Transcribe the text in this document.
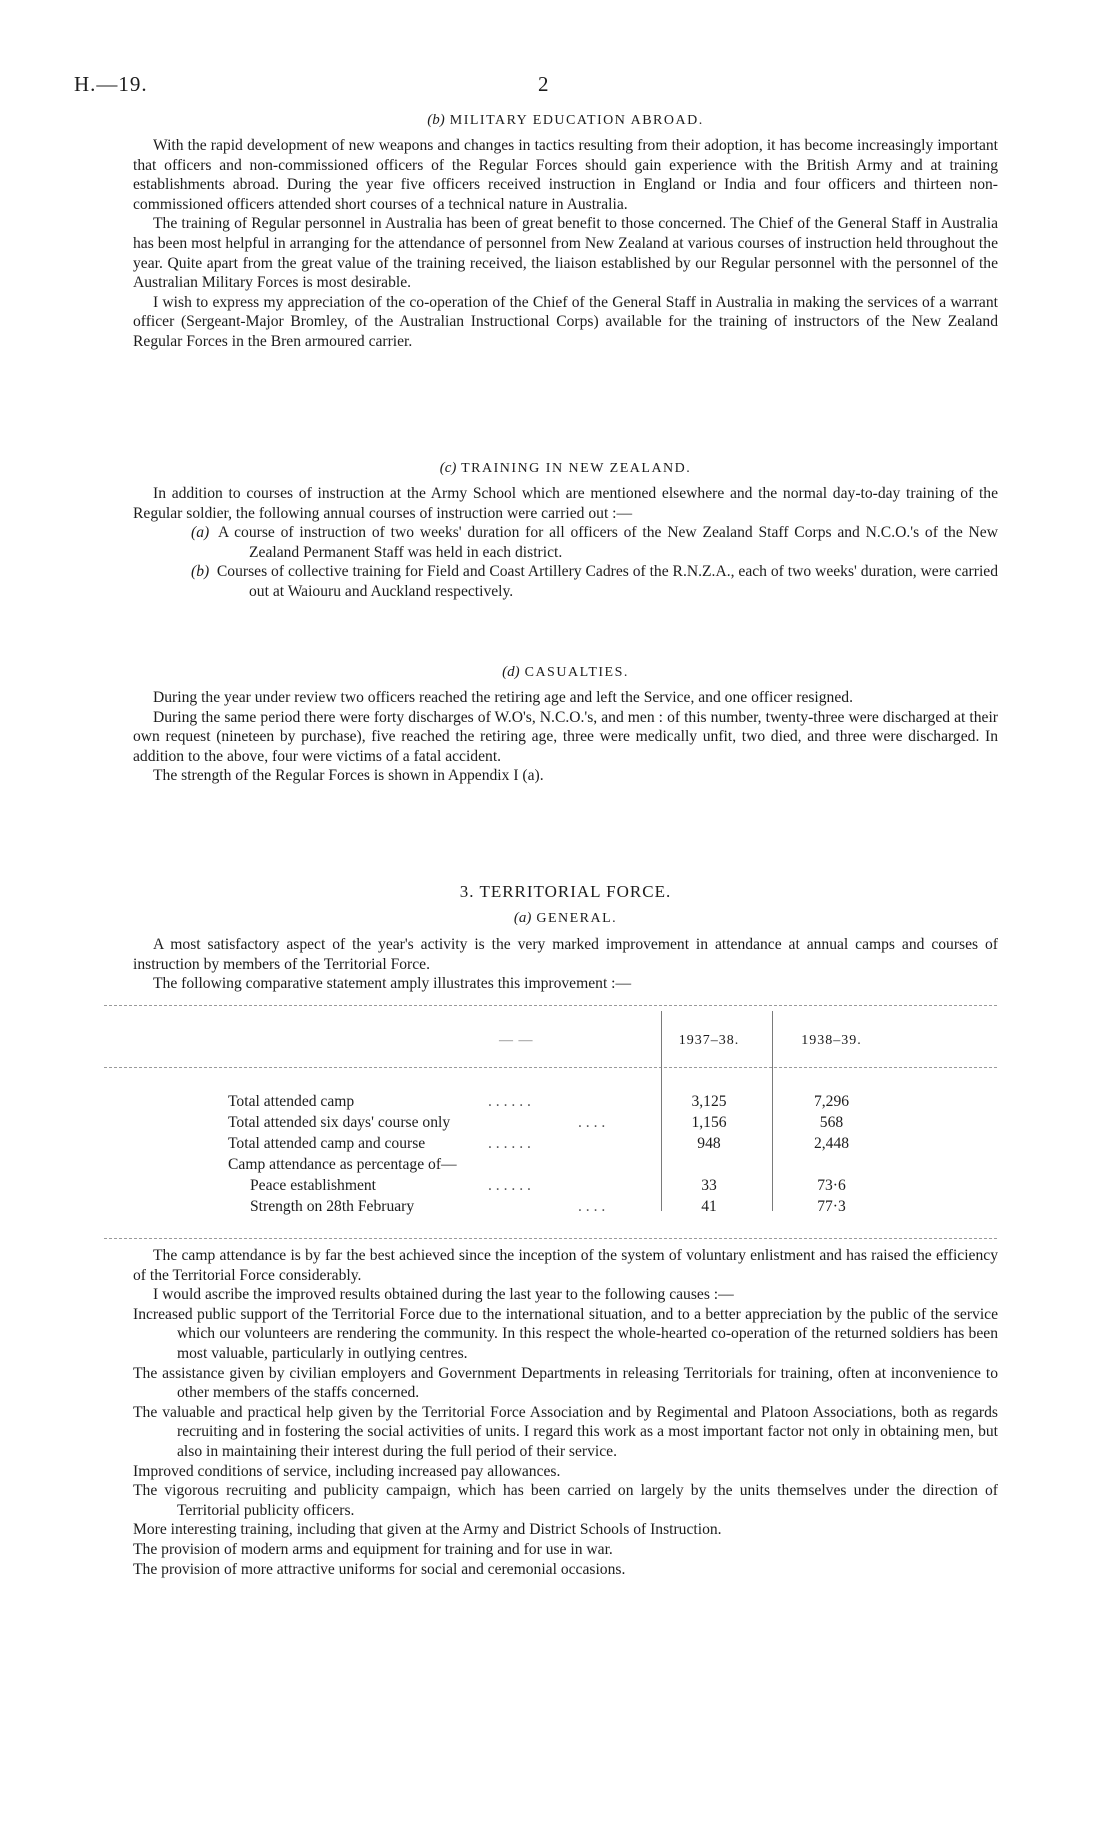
H.—19.	2
(b) MILITARY EDUCATION ABROAD.

With the rapid development of new weapons and changes in tactics resulting from their adoption, it has become increasingly important that officers and non-commissioned officers of the Regular Forces should gain experience with the British Army and at training establishments abroad. During the year five officers received instruction in England or India and four officers and thirteen non-commissioned officers attended short courses of a technical nature in Australia.

The training of Regular personnel in Australia has been of great benefit to those concerned. The Chief of the General Staff in Australia has been most helpful in arranging for the attendance of personnel from New Zealand at various courses of instruction held throughout the year. Quite apart from the great value of the training received, the liaison established by our Regular personnel with the personnel of the Australian Military Forces is most desirable.

I wish to express my appreciation of the co-operation of the Chief of the General Staff in Australia in making the services of a warrant officer (Sergeant-Major Bromley, of the Australian Instructional Corps) available for the training of instructors of the New Zealand Regular Forces in the Bren armoured carrier.

(c) TRAINING IN NEW ZEALAND.

In addition to courses of instruction at the Army School which are mentioned elsewhere and the normal day-to-day training of the Regular soldier, the following annual courses of instruction were carried out :—

(a) A course of instruction of two weeks' duration for all officers of the New Zealand Staff Corps and N.C.O.'s of the New Zealand Permanent Staff was held in each district.
(b) Courses of collective training for Field and Coast Artillery Cadres of the R.N.Z.A., each of two weeks' duration, were carried out at Waiouru and Auckland respectively.
(d) CASUALTIES.

During the year under review two officers reached the retiring age and left the Service, and one officer resigned.

During the same period there were forty discharges of W.O's, N.C.O.'s, and men : of this number, twenty-three were discharged at their own request (nineteen by purchase), five reached the retiring age, three were medically unfit, two died, and three were discharged. In addition to the above, four were victims of a fatal accident.

The strength of the Regular Forces is shown in Appendix I (a).

3. TERRITORIAL FORCE.
(a) GENERAL.

A most satisfactory aspect of the year's activity is the very marked improvement in attendance at annual camps and courses of instruction by members of the Territorial Force.

The following comparative statement amply illustrates this improvement :—

— —	1937–38.	1938–39.
Total attended camp	. . . . . .	3,125	7,296
Total attended six days' course only	. . . .	1,156	568
Total attended camp and course	. . . . . .	948	2,448
Camp attendance as percentage of—
Peace establishment	. . . . . .	33	73·6
Strength on 28th February	. . . .	41	77·3

The camp attendance is by far the best achieved since the inception of the system of voluntary enlistment and has raised the efficiency of the Territorial Force considerably.

I would ascribe the improved results obtained during the last year to the following causes :—

Increased public support of the Territorial Force due to the international situation, and to a better appreciation by the public of the service which our volunteers are rendering the community. In this respect the whole-hearted co-operation of the returned soldiers has been most valuable, particularly in outlying centres.
The assistance given by civilian employers and Government Departments in releasing Territorials for training, often at inconvenience to other members of the staffs concerned.
The valuable and practical help given by the Territorial Force Association and by Regimental and Platoon Associations, both as regards recruiting and in fostering the social activities of units. I regard this work as a most important factor not only in obtaining men, but also in maintaining their interest during the full period of their service.
Improved conditions of service, including increased pay allowances.
The vigorous recruiting and publicity campaign, which has been carried on largely by the units themselves under the direction of Territorial publicity officers.
More interesting training, including that given at the Army and District Schools of Instruction.
The provision of modern arms and equipment for training and for use in war.
The provision of more attractive uniforms for social and ceremonial occasions.
